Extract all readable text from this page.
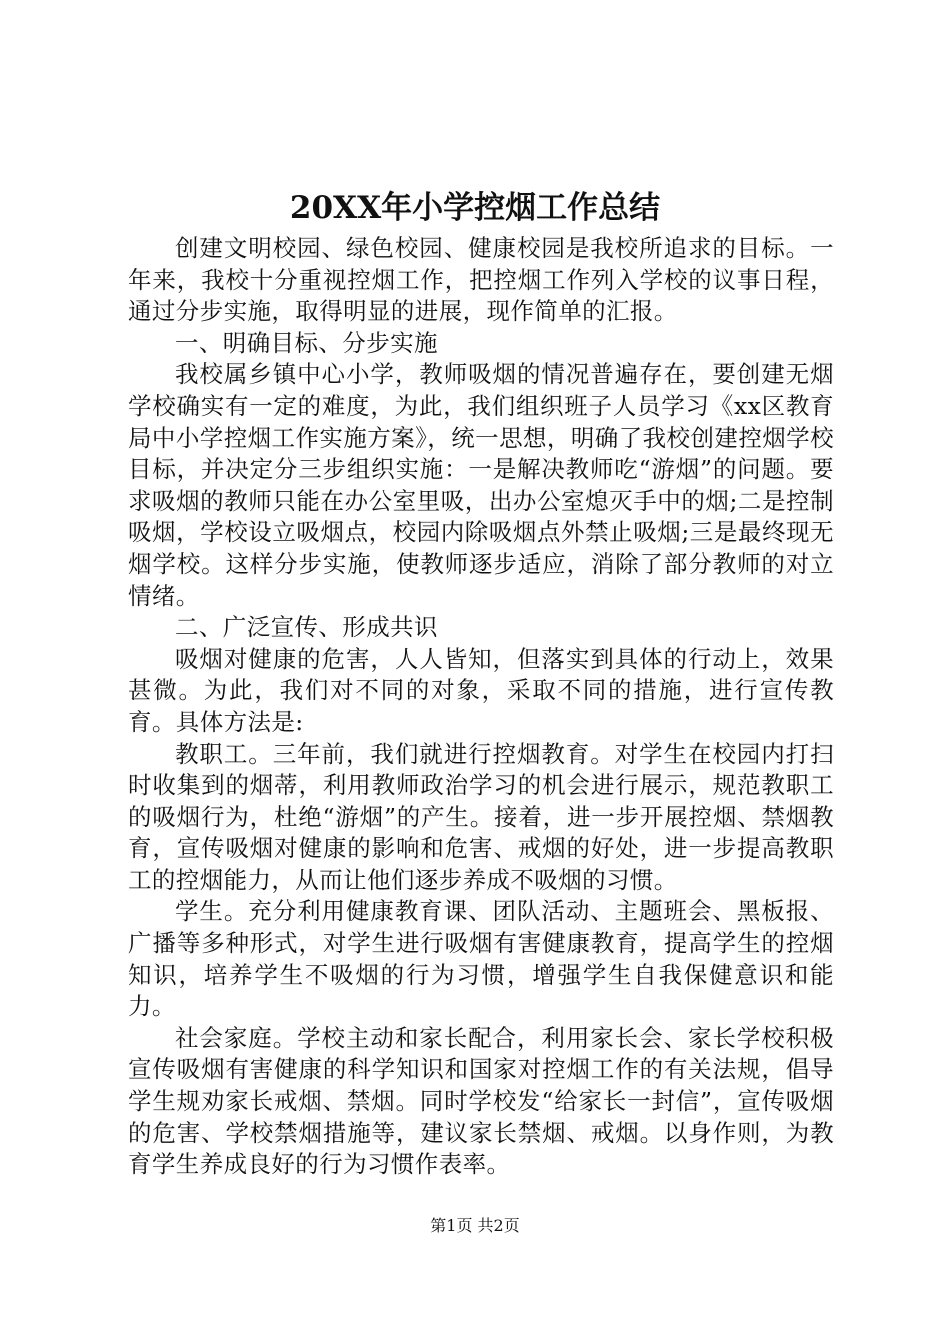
20XX年小学控烟工作总结

创建文明校园、绿色校园、健康校园是我校所追求的目标。一年来，我校十分重视控烟工作，把控烟工作列入学校的议事日程，通过分步实施，取得明显的进展，现作简单的汇报。

一、明确目标、分步实施

我校属乡镇中心小学，教师吸烟的情况普遍存在，要创建无烟学校确实有一定的难度，为此，我们组织班子人员学习《xx区教育局中小学控烟工作实施方案》，统一思想，明确了我校创建控烟学校目标，并决定分三步组织实施：一是解决教师吃“游烟”的问题。要求吸烟的教师只能在办公室里吸，出办公室熄灭手中的烟;二是控制吸烟，学校设立吸烟点，校园内除吸烟点外禁止吸烟;三是最终现无烟学校。这样分步实施，使教师逐步适应，消除了部分教师的对立情绪。

二、广泛宣传、形成共识

吸烟对健康的危害，人人皆知，但落实到具体的行动上，效果甚微。为此，我们对不同的对象，采取不同的措施，进行宣传教育。具体方法是:

教职工。三年前，我们就进行控烟教育。对学生在校园内打扫时收集到的烟蒂，利用教师政治学习的机会进行展示，规范教职工的吸烟行为，杜绝“游烟”的产生。接着，进一步开展控烟、禁烟教育，宣传吸烟对健康的影响和危害、戒烟的好处，进一步提高教职工的控烟能力，从而让他们逐步养成不吸烟的习惯。

学生。充分利用健康教育课、团队活动、主题班会、黑板报、广播等多种形式，对学生进行吸烟有害健康教育，提高学生的控烟知识，培养学生不吸烟的行为习惯，增强学生自我保健意识和能力。

社会家庭。学校主动和家长配合，利用家长会、家长学校积极宣传吸烟有害健康的科学知识和国家对控烟工作的有关法规，倡导学生规劝家长戒烟、禁烟。同时学校发“给家长一封信”，宣传吸烟的危害、学校禁烟措施等，建议家长禁烟、戒烟。以身作则，为教育学生养成良好的行为习惯作表率。

第1页 共2页
